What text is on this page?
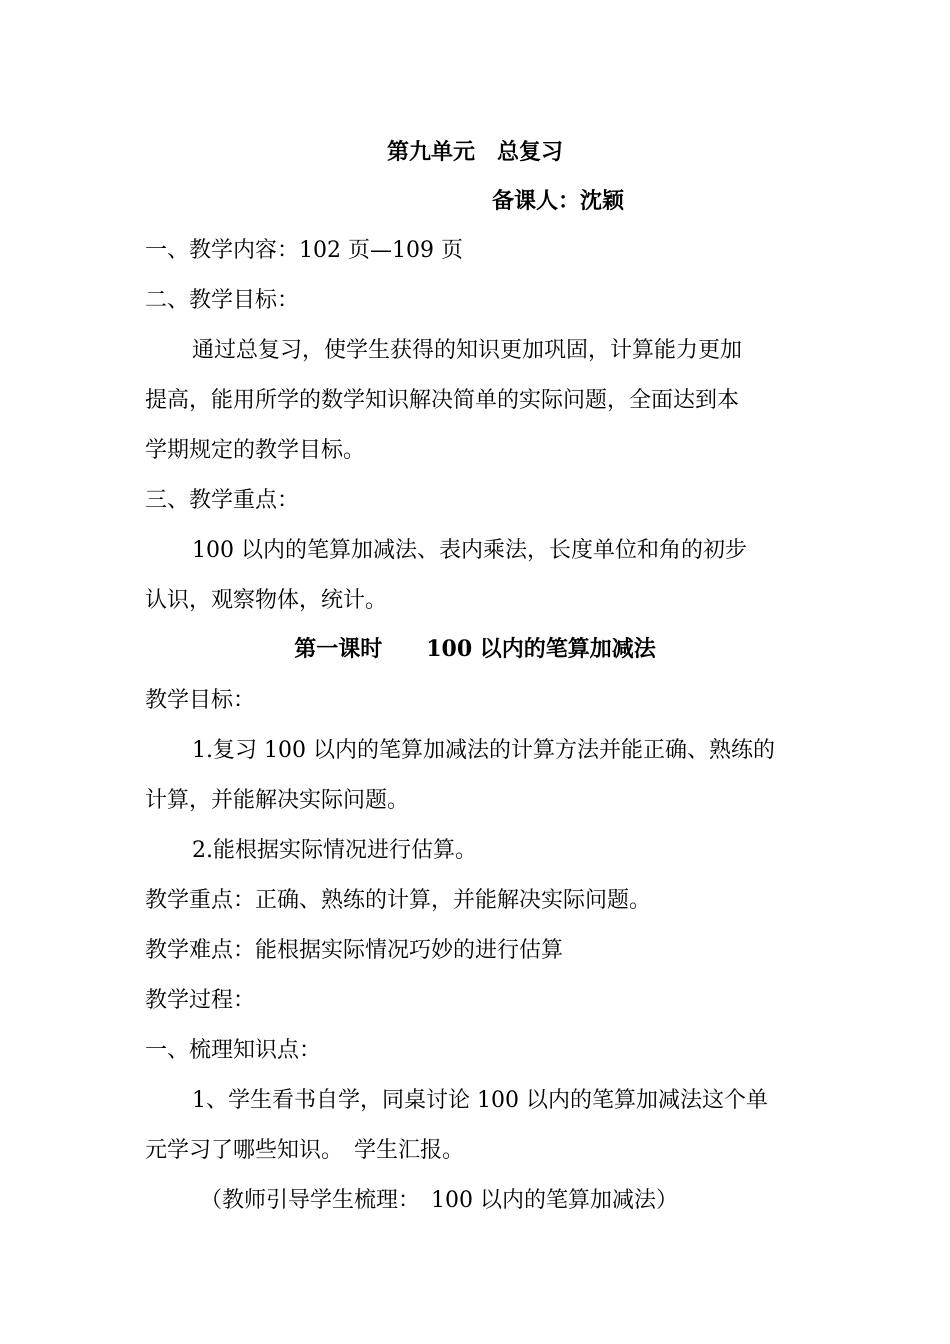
第九单元　总复习
备课人：沈颖
一、教学内容：102 页—109 页
二、教学目标：
通过总复习，使学生获得的知识更加巩固，计算能力更加
提高，能用所学的数学知识解决简单的实际问题，全面达到本
学期规定的教学目标。
三、教学重点：
100 以内的笔算加减法、表内乘法，长度单位和角的初步
认识，观察物体，统计。
第一课时　　100 以内的笔算加减法
教学目标：
1.复习 100 以内的笔算加减法的计算方法并能正确、熟练的
计算，并能解决实际问题。
2.能根据实际情况进行估算。
教学重点：正确、熟练的计算，并能解决实际问题。
教学难点：能根据实际情况巧妙的进行估算
教学过程：
一、梳理知识点：
1、学生看书自学，同桌讨论 100 以内的笔算加减法这个单
元学习了哪些知识。　学生汇报。
（教师引导学生梳理：　100 以内的笔算加减法）
